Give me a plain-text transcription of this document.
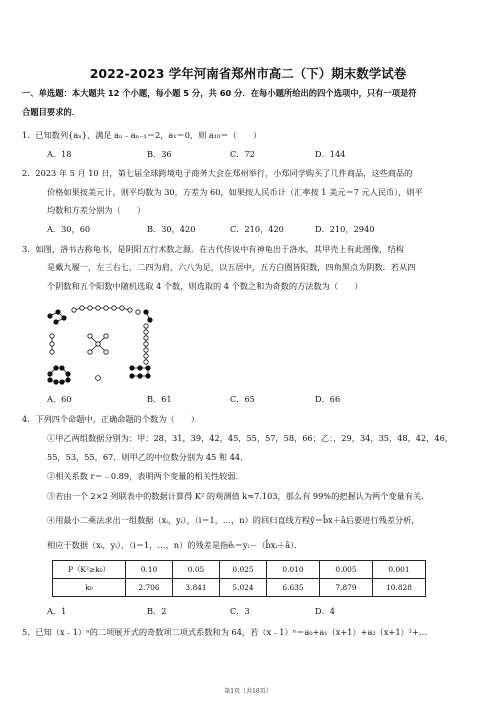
2022-2023 学年河南省郑州市高二（下）期末数学试卷
一、单选题：本大题共 12 个小题，每小题 5 分，共 60 分．在每小题所给出的四个选项中，只有一项是符
合题目要求的．
1．已知数列{aₙ}，满足 aₙ﹣aₙ₋₁＝2，a₁＝0，则 a₁₀＝（　　）
A．18	B．36	C．72	D．144
2．2023 年 5 月 10 日，第七届全球跨境电子商务大会在郑州举行，小郑同学购买了几件商品，这些商品的
价格如果按美元计，则平均数为 30，方差为 60，如果按人民币计（汇率按 1 美元＝7 元人民币），则平
均数和方差分别为（　　）
A．30，60	B．30，420	C．210，420	D．210，2940
3．如图，洛书古称龟书，是阴阳五行术数之源．在古代传说中有神龟出于洛水，其甲壳上有此图像，结构
是戴九履一，左三右七，二四为肩，六八为足，以五居中，五方白圈皆阳数，四角黑点为阴数．若从四
个阴数和五个阳数中随机选取 4 个数，则选取的 4 个数之和为奇数的方法数为（　　）
A．60	B．61	C．65	D．66
4．下列四个命题中，正确命题的个数为（　　）
①甲乙两组数据分别为：甲：28，31，39，42，45，55，57，58，66；乙：，29，34，35，48，42，46，
55，53，55，67．则甲乙的中位数分别为 45 和 44．
②相关系数 r＝﹣0.89，表明两个变量的相关性较弱．
③若由一个 2×2 列联表中的数据计算得 K² 的观测值 k≈7.103，那么有 99%的把握认为两个变量有关．
④用最小二乘法求出一组数据（xᵢ，yᵢ），（i＝1，…，n）的回归直线方程ŷ＝b̂x＋â后要进行残差分析，
相应于数据（xᵢ，yᵢ），（i＝1，…，n）的残差是指êᵢ＝yᵢ－（b̂xᵢ＋â）．
P（K²≥k₀）	0.10	0.05	0.025	0.010	0.005	0.001
k₀	2.706	3.841	5.024	6.635	7.879	10.828
A．1	B．2	C．3	D．4
5．已知（x﹣1）ⁿ的二项展开式的奇数项二项式系数和为 64，若（x﹣1）ⁿ＝a₀+a₁（x+1）+a₂（x+1）²+…
第1页（共18页）
